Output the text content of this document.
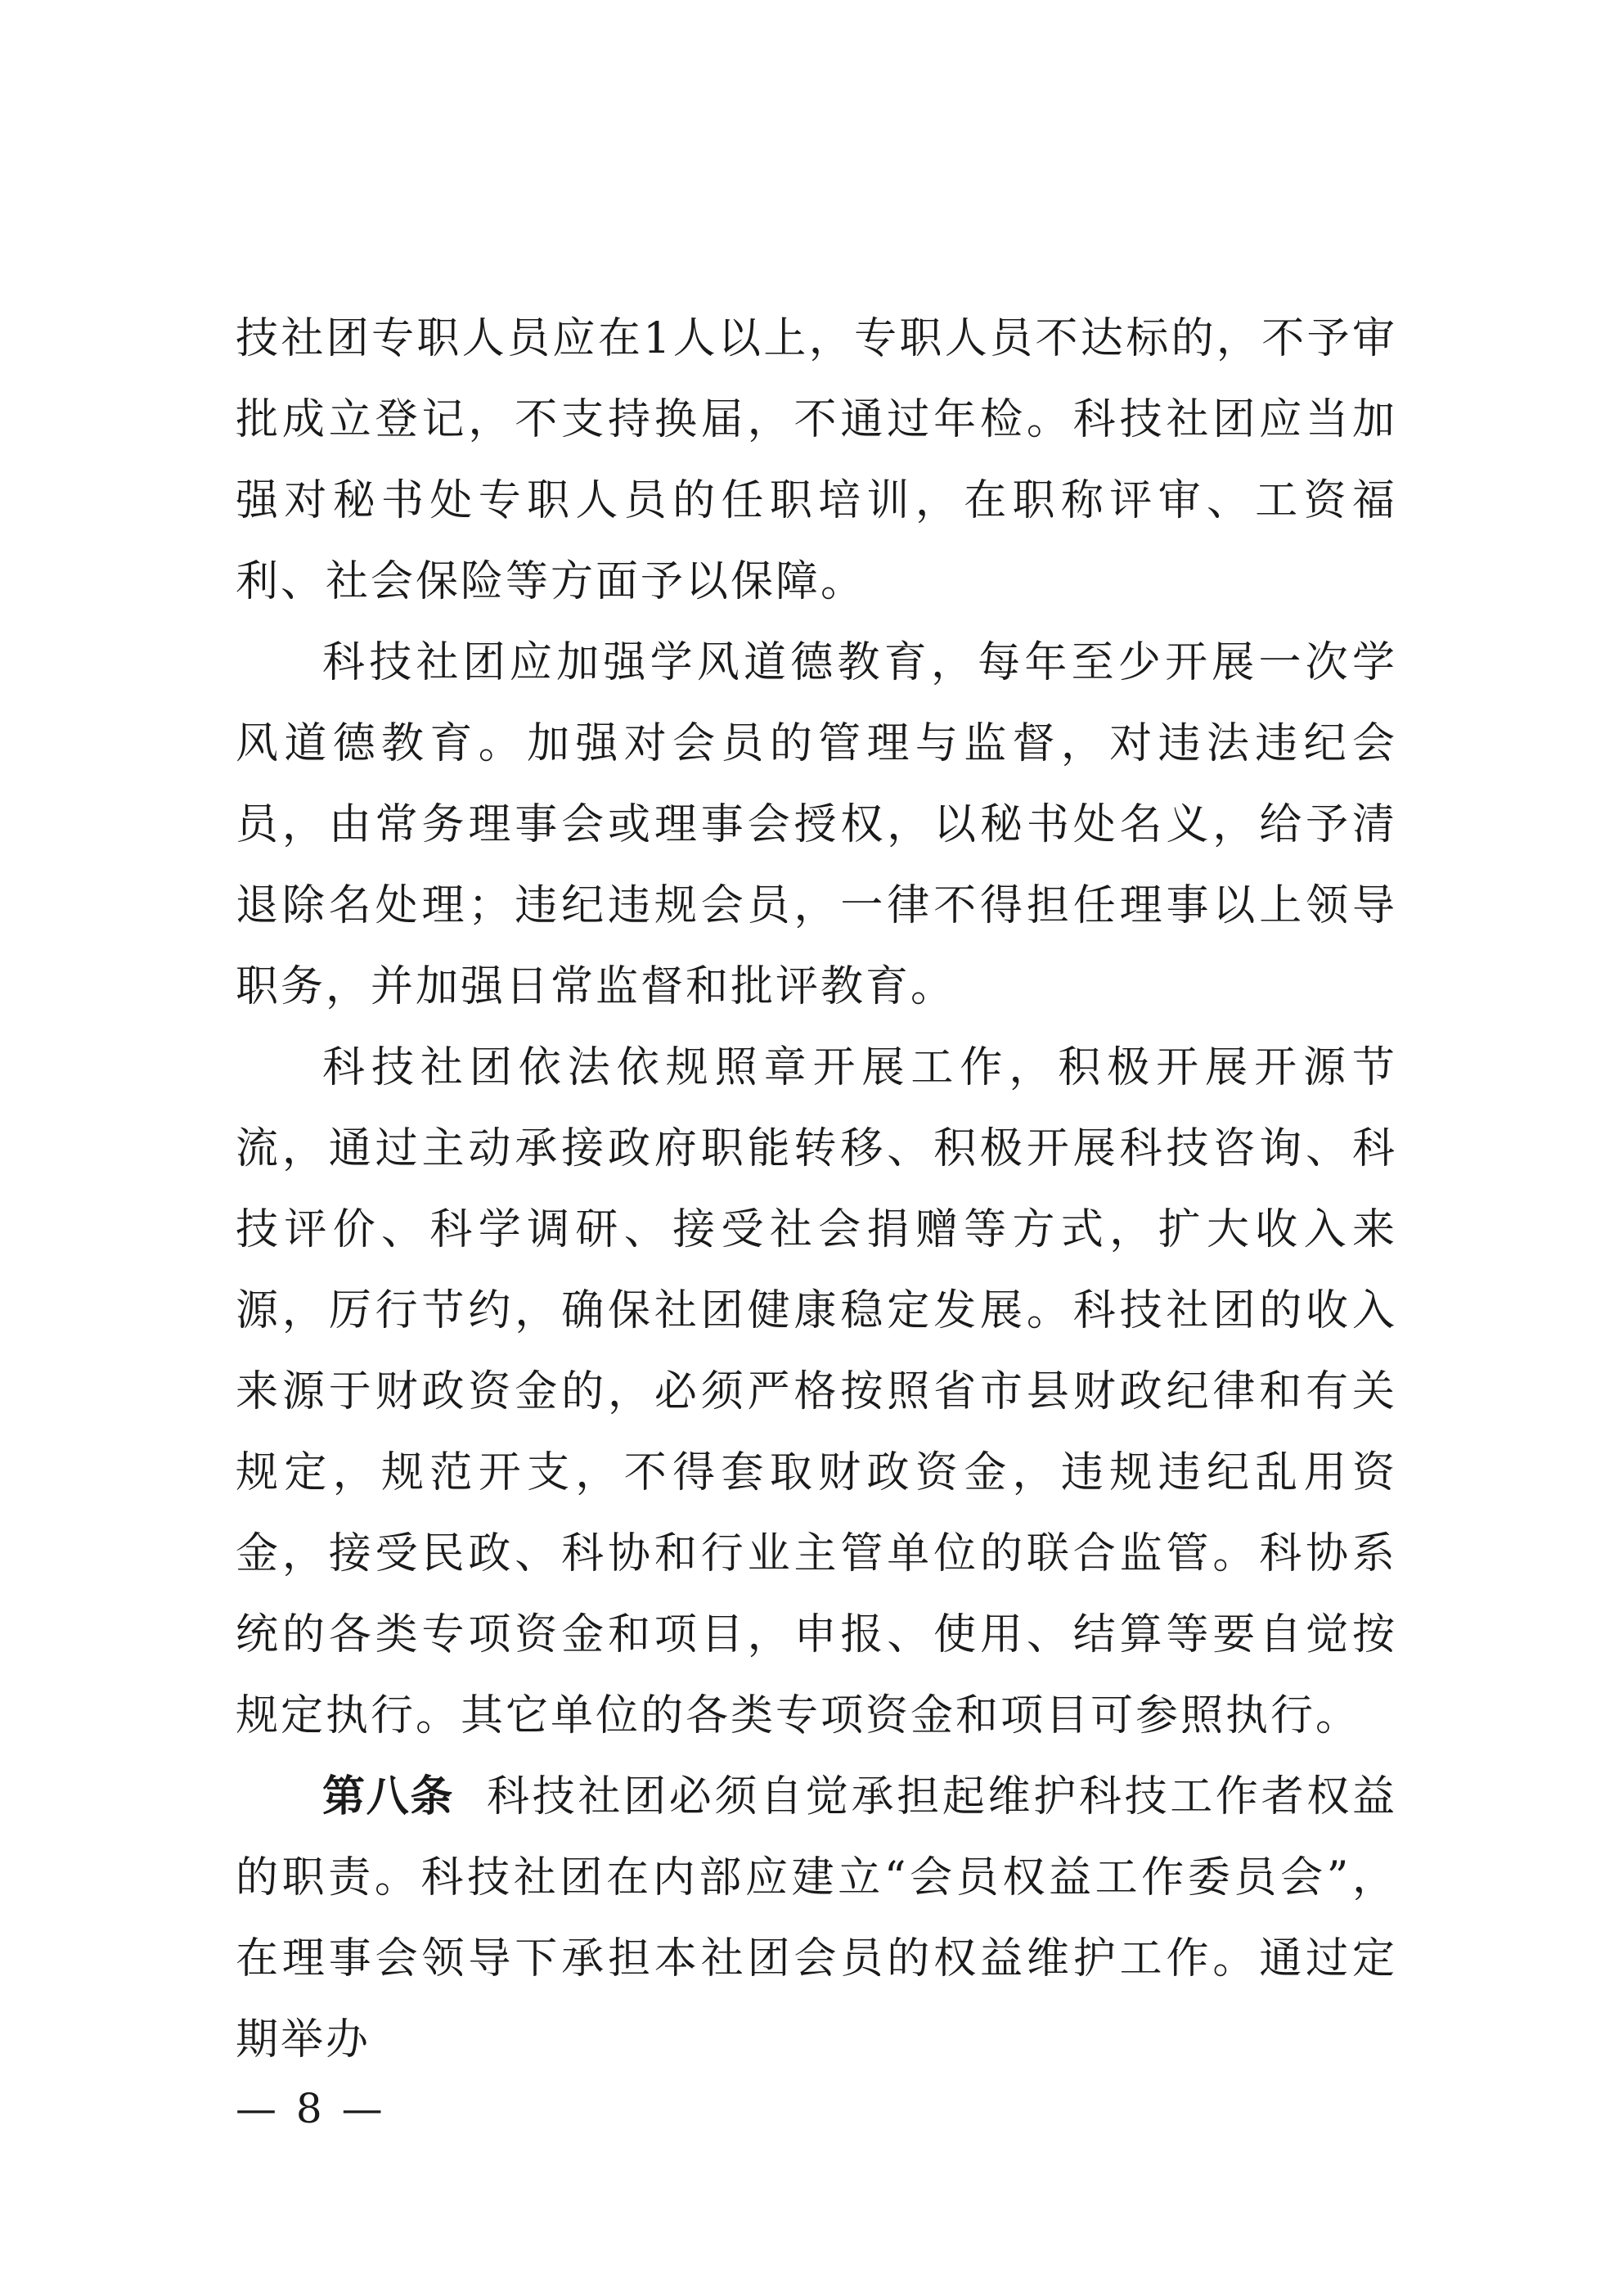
技社团专职人员应在1人以上，专职人员不达标的，不予审批成立登记，不支持换届，不通过年检。科技社团应当加强对秘书处专职人员的任职培训，在职称评审、工资福利、社会保险等方面予以保障。

科技社团应加强学风道德教育，每年至少开展一次学风道德教育。加强对会员的管理与监督，对违法违纪会员，由常务理事会或理事会授权，以秘书处名义，给予清退除名处理；违纪违规会员，一律不得担任理事以上领导职务，并加强日常监督和批评教育。

科技社团依法依规照章开展工作，积极开展开源节流，通过主动承接政府职能转移、积极开展科技咨询、科技评价、科学调研、接受社会捐赠等方式，扩大收入来源，厉行节约，确保社团健康稳定发展。科技社团的收入来源于财政资金的，必须严格按照省市县财政纪律和有关规定，规范开支，不得套取财政资金，违规违纪乱用资金，接受民政、科协和行业主管单位的联合监管。科协系统的各类专项资金和项目，申报、使用、结算等要自觉按规定执行。其它单位的各类专项资金和项目可参照执行。

第八条 科技社团必须自觉承担起维护科技工作者权益的职责。科技社团在内部应建立“会员权益工作委员会”，在理事会领导下承担本社团会员的权益维护工作。通过定期举办

— 8 —
